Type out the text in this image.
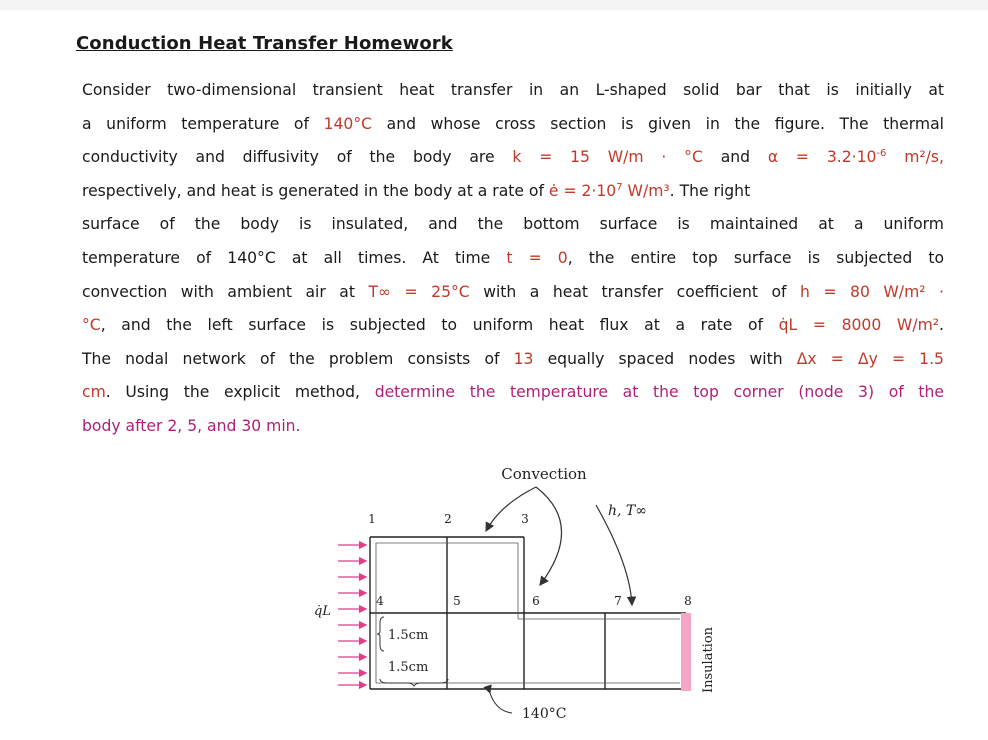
Conduction Heat Transfer Homework
Consider two-dimensional transient heat transfer in an L-shaped solid bar that is initially at
a uniform temperature of 140°C and whose cross section is given in the figure. The thermal
conductivity and diffusivity of the body are k = 15 W/m · °C and $\alpha = 3.2\cdot 10^{-6}$ m²/s,
respectively, and heat is generated in the body at a rate of ė = $2\cdot 10^7$ W/m³. The right
surface of the body is insulated, and the bottom surface is maintained at a uniform
temperature of 140°C at all times. At time t = 0, the entire top surface is subjected to
convection with ambient air at T∞ = 25°C with a heat transfer coefficient of h = 80 W/m² ·
°C, and the left surface is subjected to uniform heat flux at a rate of q̇L = 8000 W/m².
The nodal network of the problem consists of 13 equally spaced nodes with Δx = Δy = 1.5
cm. Using the explicit method, determine the temperature at the top corner (node 3) of the
body after 2, 5, and 30 min.
Convection
h, T∞
1	2	3
Insulation
4	5	6	7	8
q̇L
1.5cm
1.5cm
140°C
